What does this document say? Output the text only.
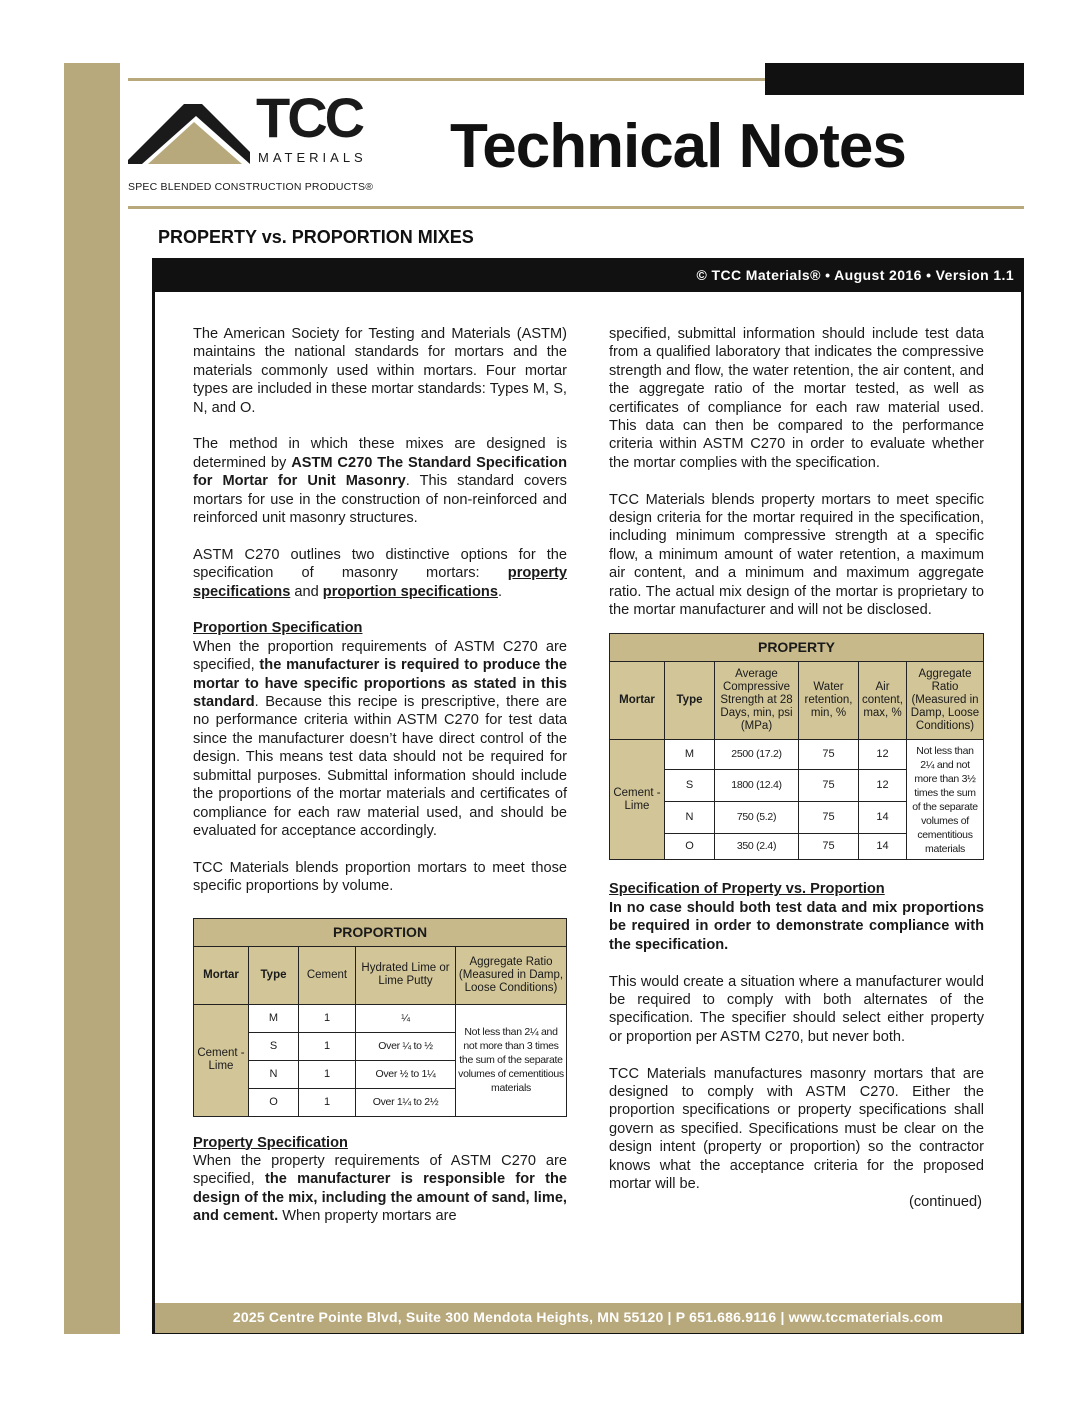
TCC
MATERIALS
SPEC BLENDED CONSTRUCTION PRODUCTS®
Technical Notes
PROPERTY vs. PROPORTION MIXES
© TCC Materials® • August 2016 • Version 1.1

The American Society for Testing and Materials (ASTM) maintains the national standards for mortars and the materials commonly used within mortars. Four mortar types are included in these mortar standards: Types M, S, N, and O.

The method in which these mixes are designed is determined by ASTM C270 The Standard Specification for Mortar for Unit Masonry. This standard covers mortars for use in the construction of non-reinforced and reinforced unit masonry structures.

ASTM C270 outlines two distinctive options for the specification of masonry mortars: property specifications and proportion specifications.

Proportion Specification

When the proportion requirements of ASTM C270 are specified, the manufacturer is required to produce the mortar to have specific proportions as stated in this standard. Because this recipe is prescriptive, there are no performance criteria within ASTM C270 for test data since the manufacturer doesn’t have direct control of the design. This means test data should not be required for submittal purposes. Submittal information should include the proportions of the mortar materials and certificates of compliance for each raw material used, and should be evaluated for acceptance accordingly.

TCC Materials blends proportion mortars to meet those specific proportions by volume.

PROPORTION				
Mortar	Type	Cement	Hydrated Lime or Lime Putty	Aggregate Ratio (Measured in Damp, Loose Conditions)
Cement - Lime	M	1	¼	Not less than 2¼ and not more than 3 times the sum of the separate volumes of cementitious materials
	S	1	Over ¼ to ½	
	N	1	Over ½ to 1¼	
	O	1	Over 1¼ to 2½	
Property Specification

When the property requirements of ASTM C270 are specified, the manufacturer is responsible for the design of the mix, including the amount of sand, lime, and cement. When property mortars are

specified, submittal information should include test data from a qualified laboratory that indicates the compressive strength and flow, the water retention, the air content, and the aggregate ratio of the mortar tested, as well as certificates of compliance for each raw material used. This data can then be compared to the performance criteria within ASTM C270 in order to evaluate whether the mortar complies with the specification.

TCC Materials blends property mortars to meet specific design criteria for the mortar required in the specification, including minimum compressive strength at a specific flow, a minimum amount of water retention, a maximum air content, and a minimum and maximum aggregate ratio. The actual mix design of the mortar is proprietary to the mortar manufacturer and will not be disclosed.

PROPERTY					
Mortar	Type	Average Compressive Strength at 28 Days, min, psi (MPa)	Water retention, min, %	Air content, max, %	Aggregate Ratio (Measured in Damp, Loose Conditions)
Cement - Lime	M	2500 (17.2)	75	12	Not less than 2¼ and not more than 3½ times the sum of the separate volumes of cementitious materials
	S	1800 (12.4)	75	12	
	N	750 (5.2)	75	14	
	O	350 (2.4)	75	14	
Specification of Property vs. Proportion

In no case should both test data and mix proportions be required in order to demonstrate compliance with the specification.

This would create a situation where a manufacturer would be required to comply with both alternates of the specification. The specifier should select either property or proportion per ASTM C270, but never both.

TCC Materials manufactures masonry mortars that are designed to comply with ASTM C270. Either the proportion specifications or property specifications shall govern as specified. Specifications must be clear on the design intent (property or proportion) so the contractor knows what the acceptance criteria for the proposed mortar will be.

(continued)

2025 Centre Pointe Blvd, Suite 300 Mendota Heights, MN 55120 | P 651.686.9116 | www.tccmaterials.com
